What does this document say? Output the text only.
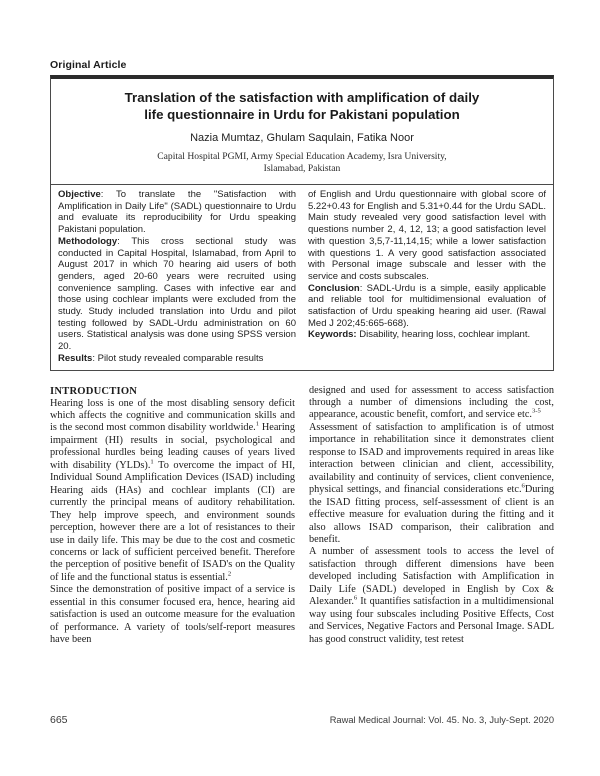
Original Article
Translation of the satisfaction with amplification of daily
life questionnaire in Urdu for Pakistani population
Nazia Mumtaz, Ghulam Saqulain, Fatika Noor
Capital Hospital PGMI, Army Special Education Academy, Isra University,
Islamabad, Pakistan

Objective: To translate the "Satisfaction with Amplification in Daily Life" (SADL) questionnaire to Urdu and evaluate its reproducibility for Urdu speaking Pakistani population.

Methodology: This cross sectional study was conducted in Capital Hospital, Islamabad, from April to August 2017 in which 70 hearing aid users of both genders, aged 20-60 years were recruited using convenience sampling. Cases with infective ear and those using cochlear implants were excluded from the study. Study included translation into Urdu and pilot testing followed by SADL-Urdu administration on 60 users. Statistical analysis was done using SPSS version 20.

Results: Pilot study revealed comparable results

of English and Urdu questionnaire with global score of 5.22+0.43 for English and 5.31+0.44 for the Urdu SADL. Main study revealed very good satisfaction level with questions number 2, 4, 12, 13; a good satisfaction level with question 3,5,7-11,14,15; while a lower satisfaction with questions 1. A very good satisfaction associated with Personal image subscale and lesser with the service and costs subscales.

Conclusion: SADL-Urdu is a simple, easily applicable and reliable tool for multidimensional evaluation of satisfaction of Urdu speaking hearing aid user. (Rawal Med J 202;45:665-668).

Keywords: Disability, hearing loss, cochlear implant.

INTRODUCTION

Hearing loss is one of the most disabling sensory deficit which affects the cognitive and communication skills and is the second most common disability worldwide.$^1$ Hearing impairment (HI) results in social, psychological and professional hurdles being leading causes of years lived with disability (YLDs).$^1$ To overcome the impact of HI, Individual Sound Amplification Devices (ISAD) including Hearing aids (HAs) and cochlear implants (CI) are currently the principal means of auditory rehabilitation. They help improve speech, and environment sounds perception, however there are a lot of resistances to their use in daily life. This may be due to the cost and cosmetic concerns or lack of sufficient perceived benefit. Therefore the perception of positive benefit of ISAD's on the Quality of life and the functional status is essential.$^2$

Since the demonstration of positive impact of a service is essential in this consumer focused era, hence, hearing aid satisfaction is used an outcome measure for the evaluation of performance. A variety of tools/self-report measures have been

designed and used for assessment to access satisfaction through a number of dimensions including the cost, appearance, acoustic benefit, comfort, and service etc.$^{3-5}$

Assessment of satisfaction to amplification is of utmost importance in rehabilitation since it demonstrates client response to ISAD and improvements required in areas like interaction between clinician and client, accessibility, availability and continuity of services, client convenience, physical settings, and financial considerations etc.$^6$During the ISAD fitting process, self-assessment of client is an effective measure for evaluation during the fitting and it also allows ISAD comparison, their calibration and benefit.

A number of assessment tools to access the level of satisfaction through different dimensions have been developed including Satisfaction with Amplification in Daily Life (SADL) developed in English by Cox & Alexander.$^6$ It quantifies satisfaction in a multidimensional way using four subscales including Positive Effects, Cost and Services, Negative Factors and Personal Image. SADL has good construct validity, test retest

665	Rawal Medical Journal: Vol. 45. No. 3, July-Sept. 2020
